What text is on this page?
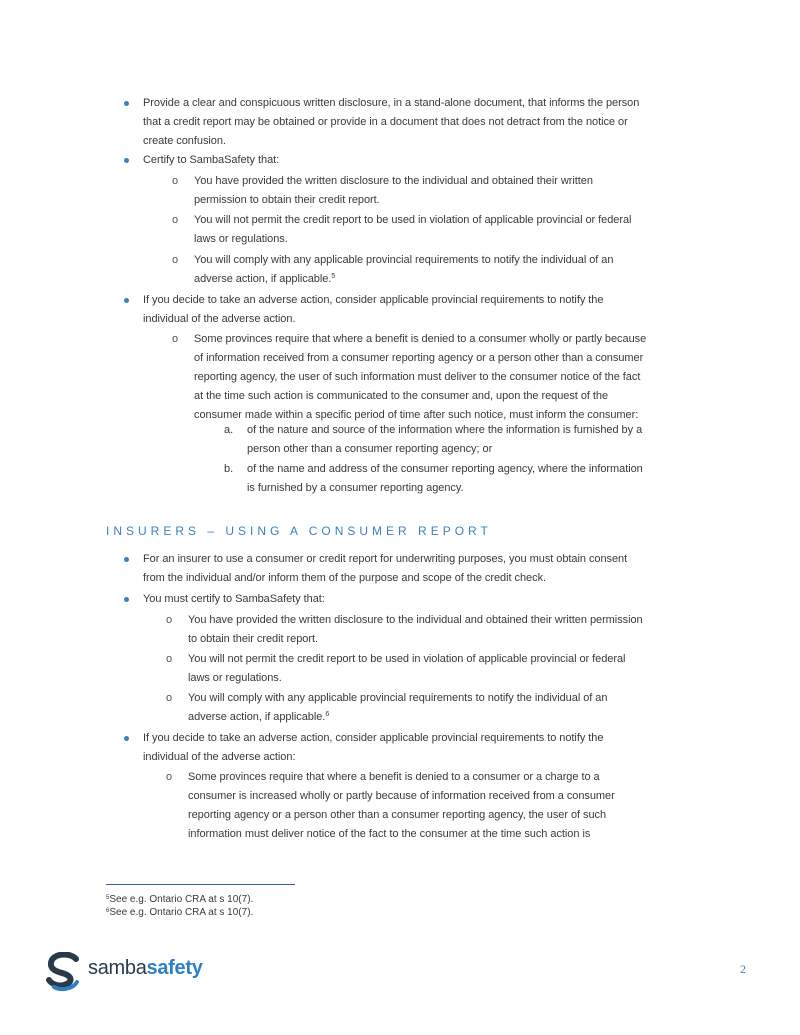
Provide a clear and conspicuous written disclosure, in a stand-alone document, that informs the person
that a credit report may be obtained or provide in a document that does not detract from the notice or
create confusion.
Certify to SambaSafety that:
o You have provided the written disclosure to the individual and obtained their written
permission to obtain their credit report.
o You will not permit the credit report to be used in violation of applicable provincial or federal
laws or regulations.
o You will comply with any applicable provincial requirements to notify the individual of an
adverse action, if applicable.$^5$
If you decide to take an adverse action, consider applicable provincial requirements to notify the
individual of the adverse action.
o Some provinces require that where a benefit is denied to a consumer wholly or partly because
of information received from a consumer reporting agency or a person other than a consumer
reporting agency, the user of such information must deliver to the consumer notice of the fact
at the time such action is communicated to the consumer and, upon the request of the
consumer made within a specific period of time after such notice, must inform the consumer:
a. of the nature and source of the information where the information is furnished by a
person other than a consumer reporting agency; or
b. of the name and address of the consumer reporting agency, where the information
is furnished by a consumer reporting agency.
INSURERS – USING A CONSUMER REPORT
For an insurer to use a consumer or credit report for underwriting purposes, you must obtain consent
from the individual and/or inform them of the purpose and scope of the credit check.
You must certify to SambaSafety that:
o You have provided the written disclosure to the individual and obtained their written permission
to obtain their credit report.
o You will not permit the credit report to be used in violation of applicable provincial or federal
laws or regulations.
o You will comply with any applicable provincial requirements to notify the individual of an
adverse action, if applicable.$^6$
If you decide to take an adverse action, consider applicable provincial requirements to notify the
individual of the adverse action:
o Some provinces require that where a benefit is denied to a consumer or a charge to a
consumer is increased wholly or partly because of information received from a consumer
reporting agency or a person other than a consumer reporting agency, the user of such
information must deliver notice of the fact to the consumer at the time such action is
$^5$See e.g. Ontario CRA at s 10(7).
$^6$See e.g. Ontario CRA at s 10(7).
sambasafety	2
